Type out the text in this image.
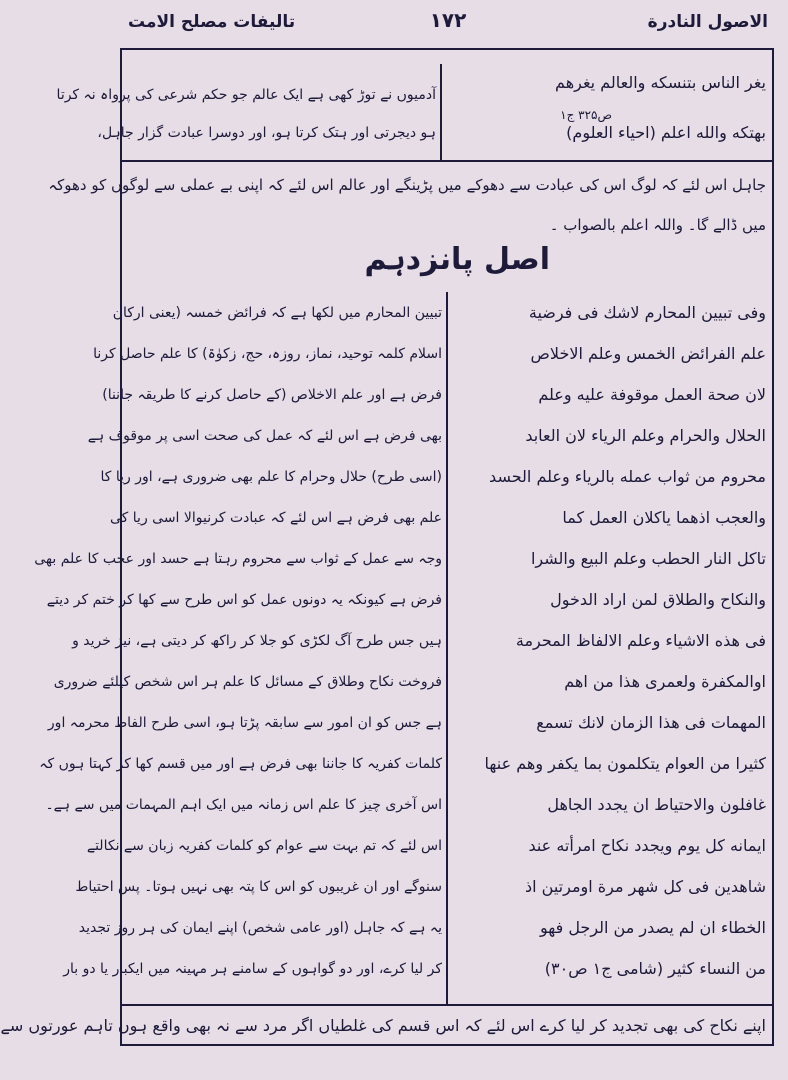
الاصول النادرة
١٧٢
تالیفات مصلح الامت
يغر الناس بتنسكه والعالم يغرهم
بهتكه والله اعلم (احياء العلوم)
ص۳۲۵ ج۱
آدمیوں نے توڑ کھی ہے ایک عالم جو حکم شرعی کی پرواہ نہ کرتا
ہو دیجرتی اور ہتک کرتا ہو، اور دوسرا عبادت گزار جاہل،
جاہل اس لئے کہ لوگ اس کی عبادت سے دھوکے میں پڑینگے اور عالم اس لئے کہ اپنی بے عملی سے لوگوں کو دھوکہ
میں ڈالے گا۔ واللہ اعلم بالصواب ۔
اصل پانزدہم
وفى تبيين المحارم لاشك فى فرضية
علم الفرائض الخمس وعلم الاخلاص
لان صحة العمل موقوفة عليه وعلم
الحلال والحرام وعلم الرياء لان العابد
محروم من ثواب عمله بالرياء وعلم الحسد
والعجب اذهما ياكلان العمل كما
تاكل النار الحطب وعلم البيع والشرا
والنكاح والطلاق لمن اراد الدخول
فى هذه الاشياء وعلم الالفاظ المحرمة
اوالمكفرة ولعمرى هذا من اهم
المهمات فى هذا الزمان لانك تسمع
كثيرا من العوام يتكلمون بما يكفر وهم عنها
غافلون والاحتياط ان يجدد الجاهل
ايمانه كل يوم ويجدد نكاح امرأته عند
شاهدين فى كل شهر مرة اومرتين اذ
الخطاء ان لم يصدر من الرجل فهو
من النساء كثير (شامى ج۱ ص۳۰)
تبیین المحارم میں لکھا ہے کہ فرائض خمسہ (یعنی ارکان
اسلام کلمہ توحید، نماز، روزہ، حج، زکوٰۃ) کا علم حاصل کرنا
فرض ہے اور علم الاخلاص (کے حاصل کرنے کا طریقہ جاننا)
بھی فرض ہے اس لئے کہ عمل کی صحت اسی پر موقوف ہے
(اسی طرح) حلال وحرام کا علم بھی ضروری ہے، اور ریا کا
علم بھی فرض ہے اس لئے کہ عبادت کرنیوالا اسی ریا کی
وجہ سے عمل کے ثواب سے محروم رہتا ہے حسد اور عجب کا علم بھی
فرض ہے کیونکہ یہ دونوں عمل کو اس طرح سے کھا کر ختم کر دیتے
ہیں جس طرح آگ لکڑی کو جلا کر راکھ کر دیتی ہے، نیز خرید و
فروخت نکاح وطلاق کے مسائل کا علم ہر اس شخص کیلئے ضروری
ہے جس کو ان امور سے سابقہ پڑتا ہو، اسی طرح الفاظ محرمہ اور
کلمات کفریہ کا جاننا بھی فرض ہے اور میں قسم کھا کر کہتا ہوں کہ
اس آخری چیز کا علم اس زمانہ میں ایک اہم المہمات میں سے ہے۔
اس لئے کہ تم بہت سے عوام کو کلمات کفریہ زبان سے نکالتے
سنوگے اور ان غریبوں کو اس کا پتہ بھی نہیں ہوتا۔ پس احتیاط
یہ ہے کہ جاہل (اور عامی شخص) اپنے ایمان کی ہر روز تجدید
کر لیا کرے، اور دو گواہوں کے سامنے ہر مہینہ میں ایکبار یا دو بار
اپنے نکاح کی بھی تجدید کر لیا کرے اس لئے کہ اس قسم کی غلطیاں اگر مرد سے نہ بھی واقع ہوں تاہم عورتوں سے
